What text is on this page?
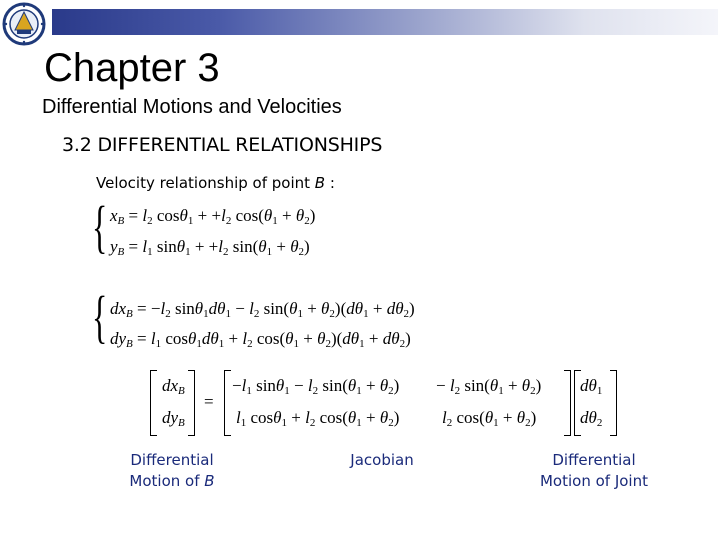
Chapter 3

Differential Motions and Velocities

3.2 DIFFERENTIAL RELATIONSHIPS

Velocity relationship of point B :

{ $x_B = l_2$ $\cos\theta_1 + +l_2$ $\cos(\theta_1 + \theta_2)$
$y_B = l_1$ $\sin\theta_1 + +l_2$ $\sin(\theta_1 + \theta_2)$
{ $dx_B = -l_2$ $\sin\theta_1d\theta_1 - l_2$ $\sin(\theta_1 + \theta_2)(d\theta_1 + d\theta_2)$
$dy_B = l_1$ $\cos\theta_1d\theta_1 + l_2$ $\cos(\theta_1 + \theta_2)(d\theta_1 + d\theta_2)$
$dx_B$
$dy_B$
=
$-l_1$ $\sin\theta_1 - l_2$ $\sin(\theta_1 + \theta_2) - l_2$ $\sin(\theta_1 + \theta_2)$
$l_1$ $\cos\theta_1 + l_2$ $\cos(\theta_1 + \theta_2)$	$l_2$ $\cos(\theta_1 + \theta_2)$
$d\theta_1$
$d\theta_2$
Differential
Motion of B
Jacobian	Differential
Motion of Joint
